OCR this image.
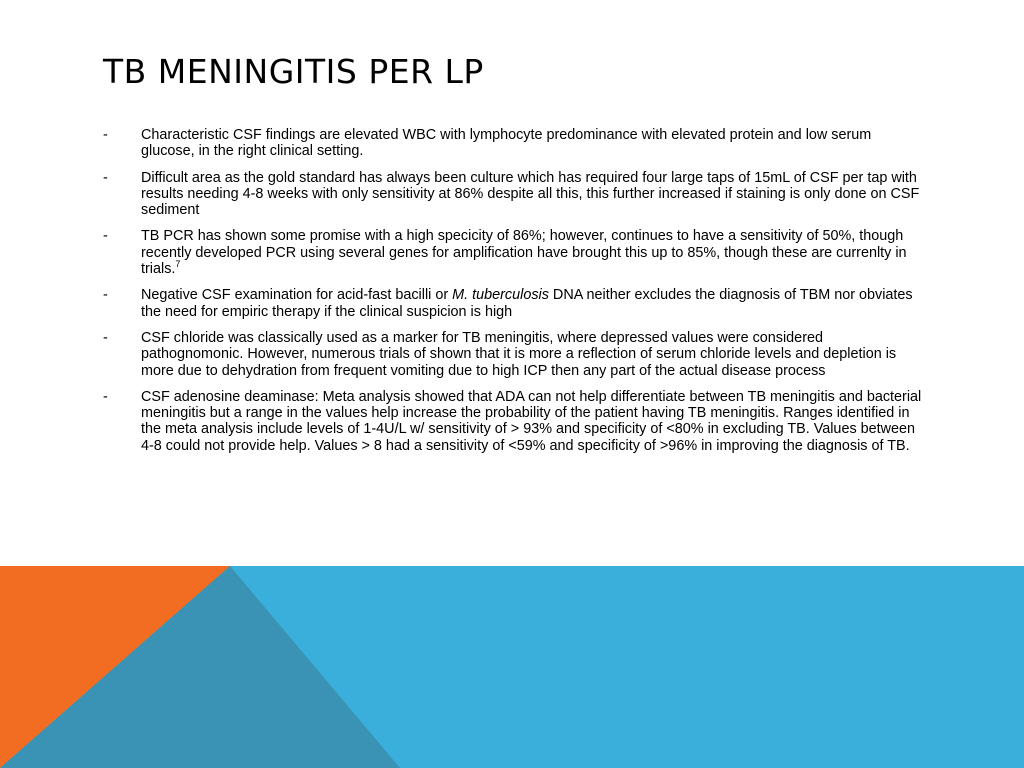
TB MENINGITIS PER LP
- Characteristic CSF findings are elevated WBC with lymphocyte predominance with elevated protein and low serum glucose, in the right clinical setting.
- Difficult area as the gold standard has always been culture which has required four large taps of 15mL of CSF per tap with results needing 4-8 weeks with only sensitivity at 86% despite all this, this further increased if staining is only done on CSF sediment
- TB PCR has shown some promise with a high specicity of 86%; however, continues to have a sensitivity of 50%, though recently developed PCR using several genes for amplification have brought this up to 85%, though these are currenlty in trials.$^7$
- Negative CSF examination for acid-fast bacilli or M. tuberculosis DNA neither excludes the diagnosis of TBM nor obviates the need for empiric therapy if the clinical suspicion is high
- CSF chloride was classically used as a marker for TB meningitis, where depressed values were considered pathognomonic. However, numerous trials of shown that it is more a reflection of serum chloride levels and depletion is more due to dehydration from frequent vomiting due to high ICP then any part of the actual disease process
- CSF adenosine deaminase: Meta analysis showed that ADA can not help differentiate between TB meningitis and bacterial meningitis but a range in the values help increase the probability of the patient having TB meningitis. Ranges identified in the meta analysis include levels of 1-4U/L w/ sensitivity of > 93% and specificity of <80% in excluding TB. Values between 4-8 could not provide help. Values > 8 had a sensitivity of <59% and specificity of >96% in improving the diagnosis of TB.
